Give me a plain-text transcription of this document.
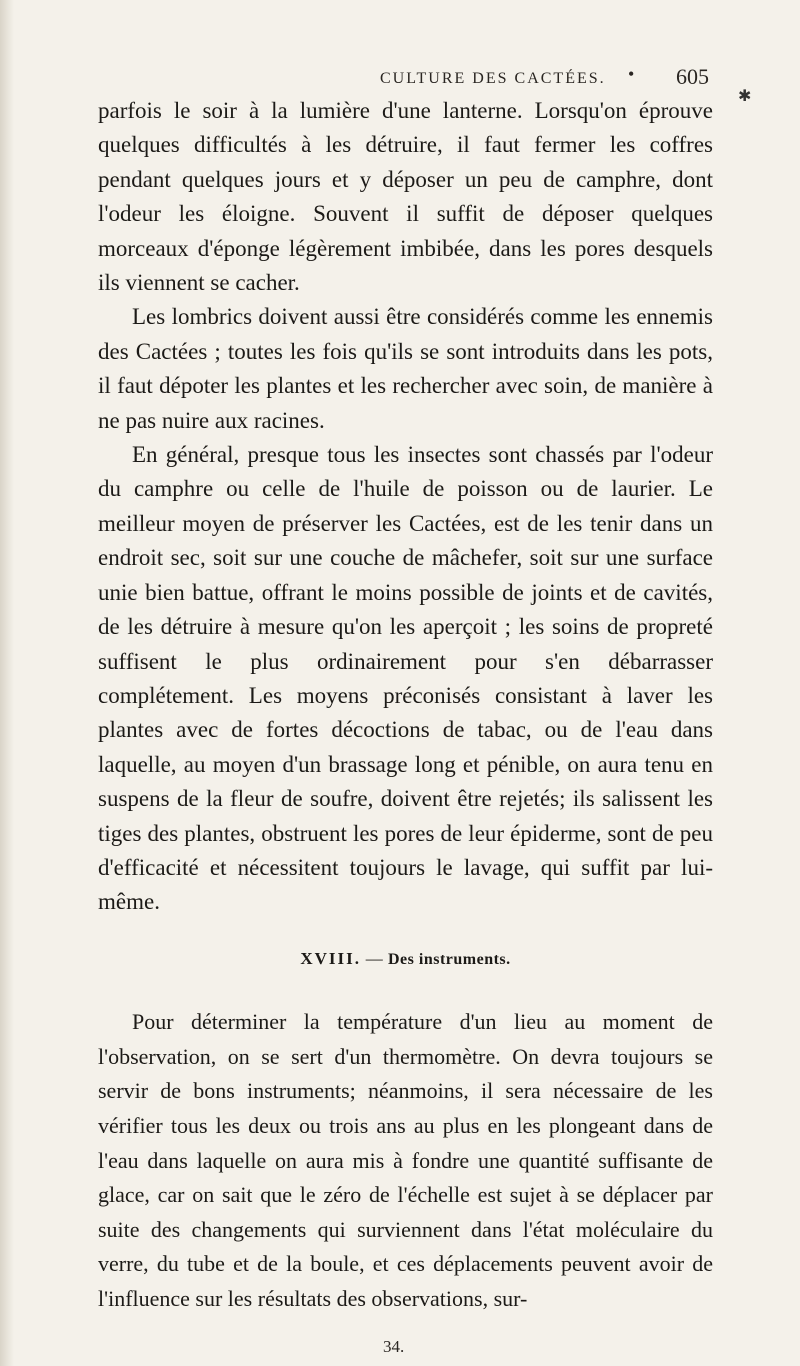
CULTURE DES CACTÉES. • 605
✱

parfois le soir à la lumière d'une lanterne. Lorsqu'on éprouve quelques difficultés à les détruire, il faut fermer les coffres pendant quelques jours et y déposer un peu de camphre, dont l'odeur les éloigne. Souvent il suffit de déposer quelques morceaux d'éponge légèrement imbibée, dans les pores desquels ils viennent se cacher.

Les lombrics doivent aussi être considérés comme les ennemis des Cactées ; toutes les fois qu'ils se sont introduits dans les pots, il faut dépoter les plantes et les rechercher avec soin, de manière à ne pas nuire aux racines.

En général, presque tous les insectes sont chassés par l'odeur du camphre ou celle de l'huile de poisson ou de laurier. Le meilleur moyen de préserver les Cactées, est de les tenir dans un endroit sec, soit sur une couche de mâchefer, soit sur une surface unie bien battue, offrant le moins possible de joints et de cavités, de les détruire à mesure qu'on les aperçoit ; les soins de propreté suffisent le plus ordinairement pour s'en débarrasser complétement. Les moyens préconisés consistant à laver les plantes avec de fortes décoctions de tabac, ou de l'eau dans laquelle, au moyen d'un brassage long et pénible, on aura tenu en suspens de la fleur de soufre, doivent être rejetés; ils salissent les tiges des plantes, obstruent les pores de leur épiderme, sont de peu d'efficacité et nécessitent toujours le lavage, qui suffit par lui-même.

XVIII. — Des instruments.

Pour déterminer la température d'un lieu au moment de l'observation, on se sert d'un thermomètre. On devra toujours se servir de bons instruments; néanmoins, il sera nécessaire de les vérifier tous les deux ou trois ans au plus en les plongeant dans de l'eau dans laquelle on aura mis à fondre une quantité suffisante de glace, car on sait que le zéro de l'échelle est sujet à se déplacer par suite des changements qui surviennent dans l'état moléculaire du verre, du tube et de la boule, et ces déplacements peuvent avoir de l'influence sur les résultats des observations, sur-

34.
